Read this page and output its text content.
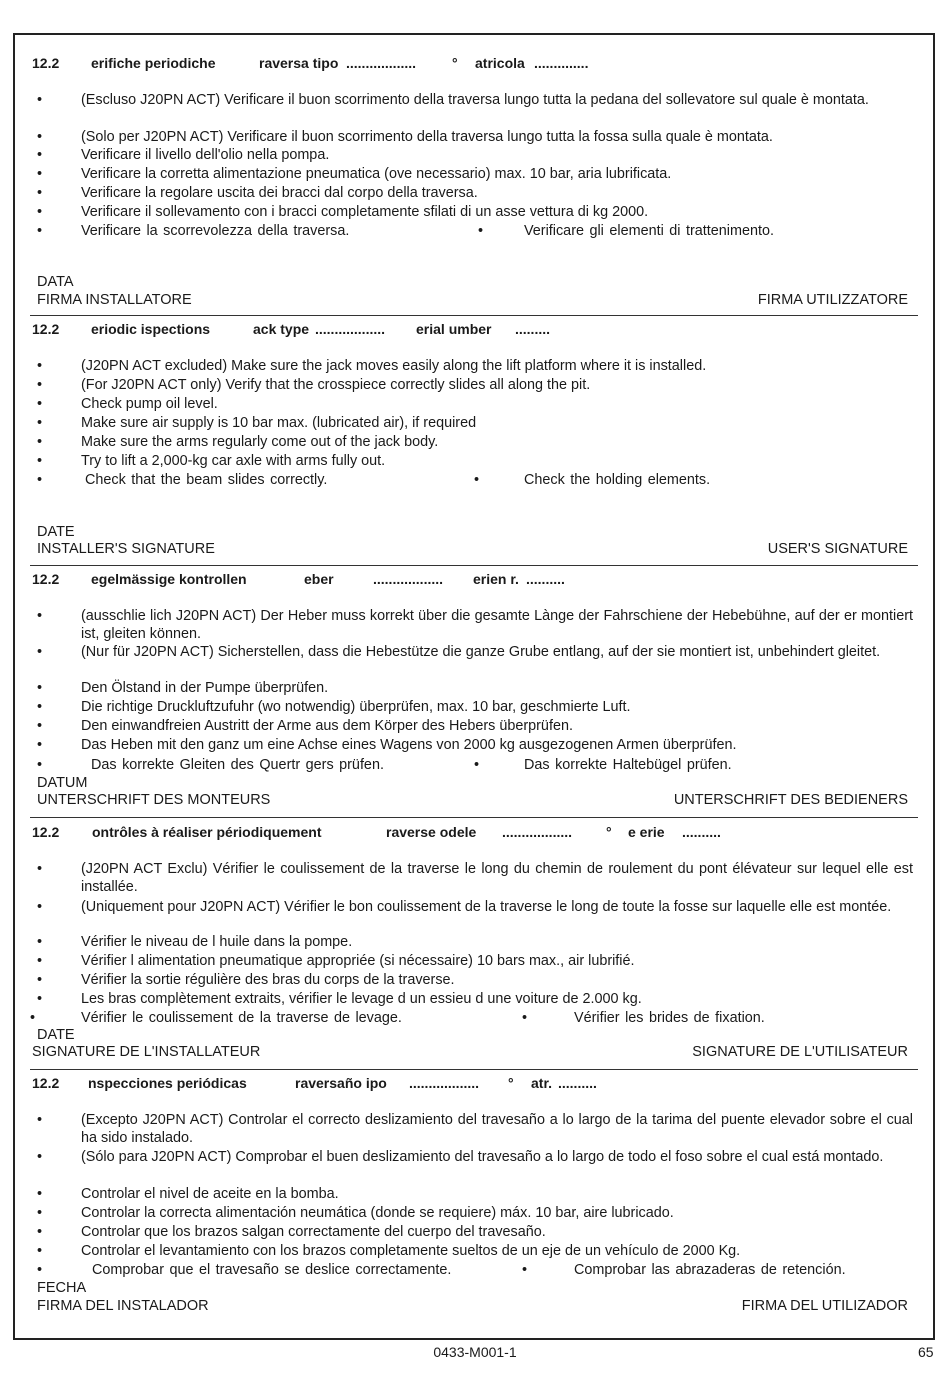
12.2 erifiche periodiche	raversa tipo ..................	° atricola ..............
•	(Escluso J20PN ACT) Verificare il buon scorrimento della traversa lungo tutta la pedana del sollevatore sul quale è montata.
•	(Solo per J20PN ACT) Verificare il buon scorrimento della traversa lungo tutta la fossa sulla quale è montata.
•	Verificare il livello dell'olio nella pompa.
•	Verificare la corretta alimentazione pneumatica (ove necessario) max. 10 bar, aria lubrificata.
•	Verificare la regolare uscita dei bracci dal corpo della traversa.
•	Verificare il sollevamento con i bracci completamente sfilati di un asse vettura di kg 2000.
•	Verificare la scorrevolezza della traversa.	•	Verificare gli elementi di trattenimento.
DATA
FIRMA INSTALLATORE	FIRMA UTILIZZATORE
12.2 eriodic ispections	ack type .................. erial umber .........
•	(J20PN ACT excluded) Make sure the jack moves easily along the lift platform where it is installed.
•	(For J20PN ACT only) Verify that the crosspiece correctly slides all along the pit.
•	Check pump oil level.
•	Make sure air supply is 10 bar max. (lubricated air), if required
•	Make sure the arms regularly come out of the jack body.
•	Try to lift a 2,000-kg car axle with arms fully out.
•	Check that the beam slides correctly.	•	Check the holding elements.
DATE
INSTALLER'S SIGNATURE	USER'S SIGNATURE
12.2 egelmässige kontrollen	eber	.................. erien r. ..........
•	(ausschlie lich J20PN ACT) Der Heber muss korrekt über die gesamte Lànge der Fahrschiene der Hebebühne, auf der er montiert ist, gleiten können.
•	(Nur für J20PN ACT) Sicherstellen, dass die Hebestütze die ganze Grube entlang, auf der sie montiert ist, unbehindert gleitet.
•	Den Ölstand in der Pumpe überprüfen.
•	Die richtige Druckluftzufuhr (wo notwendig) überprüfen, max. 10 bar, geschmierte Luft.
•	Den einwandfreien Austritt der Arme aus dem Körper des Hebers überprüfen.
•	Das Heben mit den ganz um eine Achse eines Wagens von 2000 kg ausgezogenen Armen überprüfen.
•	Das korrekte Gleiten des Quertr gers prüfen.	•	Das korrekte Haltebügel prüfen.
DATUM
UNTERSCHRIFT DES MONTEURS	UNTERSCHRIFT DES BEDIENERS
12.2 ontrôles à réaliser périodiquement	raverse odele .................. ° e erie ..........
•	(J20PN ACT Exclu) Vérifier le coulissement de la traverse le long du chemin de roulement du pont élévateur sur lequel elle est installée.
•	(Uniquement pour J20PN ACT) Vérifier le bon coulissement de la traverse le long de toute la fosse sur laquelle elle est montée.
•	Vérifier le niveau de l huile dans la pompe.
•	Vérifier l alimentation pneumatique appropriée (si nécessaire) 10 bars max., air lubrifié.
•	Vérifier la sortie régulière des bras du corps de la traverse.
•	Les bras complètement extraits, vérifier le levage d un essieu d une voiture de 2.000 kg.
•	Vérifier le coulissement de la traverse de levage.	•	Vérifier les brides de fixation.
DATE
SIGNATURE DE L'INSTALLATEUR	SIGNATURE DE L'UTILISATEUR
12.2 nspecciones periódicas	raversaño ipo .................. ° atr. ..........
•	(Excepto J20PN ACT) Controlar el correcto deslizamiento del travesaño a lo largo de la tarima del puente elevador sobre el cual ha sido instalado.
•	(Sólo para J20PN ACT) Comprobar el buen deslizamiento del travesaño a lo largo de todo el foso sobre el cual está montado.
•	Controlar el nivel de aceite en la bomba.
•	Controlar la correcta alimentación neumática (donde se requiere) máx. 10 bar, aire lubricado.
•	Controlar que los brazos salgan correctamente del cuerpo del travesaño.
•	Controlar el levantamiento con los brazos completamente sueltos de un eje de un vehículo de 2000 Kg.
•	Comprobar que el travesaño se deslice correctamente.	•	Comprobar las abrazaderas de retención.
FECHA
FIRMA DEL INSTALADOR	FIRMA DEL UTILIZADOR
0433-M001-1	65
